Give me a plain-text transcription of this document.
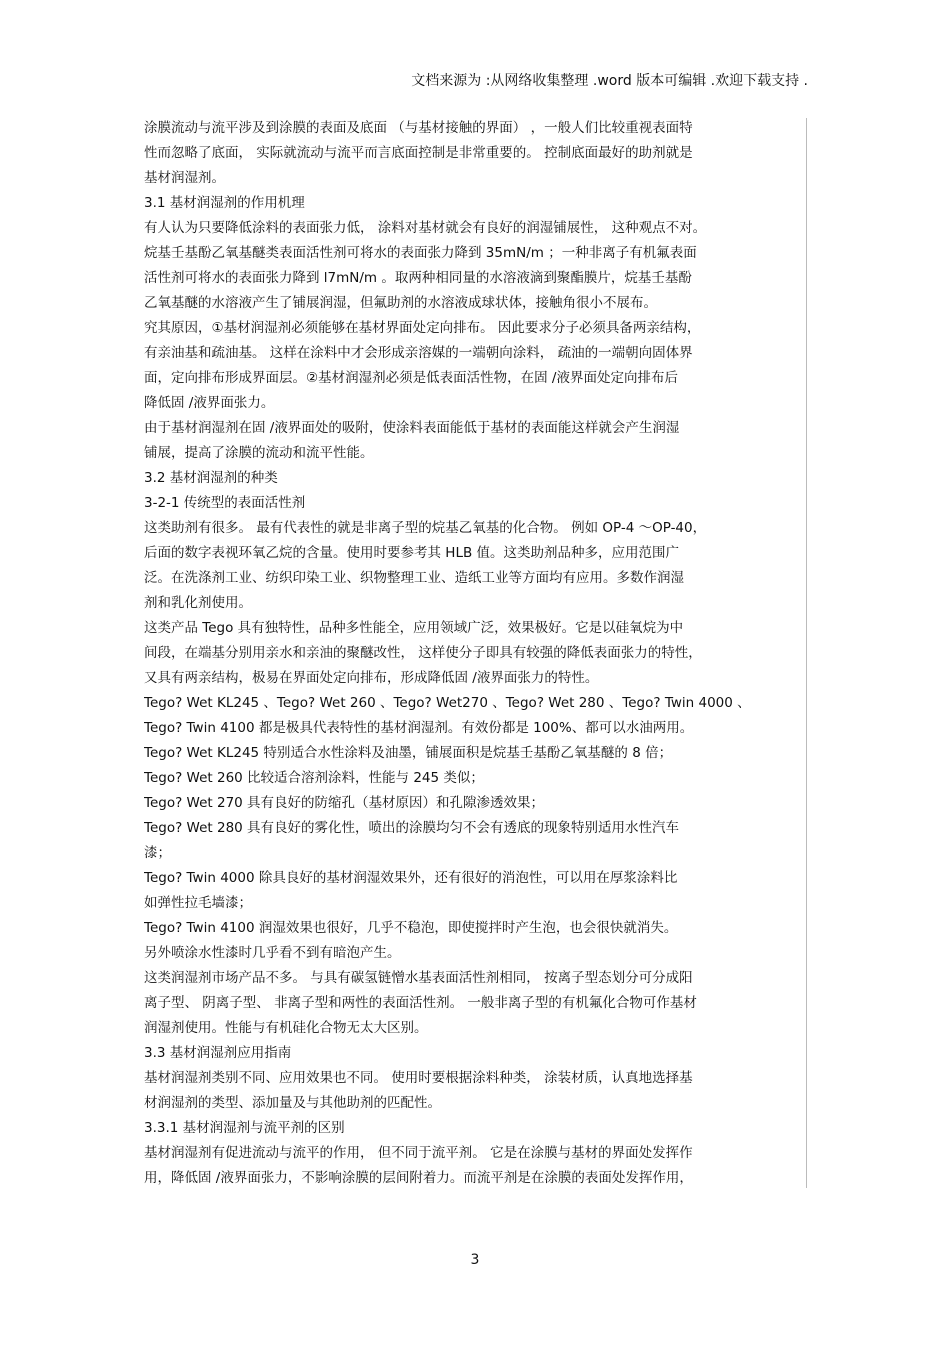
文档来源为 :从网络收集整理 .word 版本可编辑 .欢迎下载支持 .
涂膜流动与流平涉及到涂膜的表面及底面 （与基材接触的界面） ，一般人们比较重视表面特
性而忽略了底面， 实际就流动与流平而言底面控制是非常重要的。 控制底面最好的助剂就是
基材润湿剂。
3.1 基材润湿剂的作用机理
有人认为只要降低涂料的表面张力低， 涂料对基材就会有良好的润湿铺展性， 这种观点不对。
烷基壬基酚乙氧基醚类表面活性剂可将水的表面张力降到 35mN/m ；一种非离子有机氟表面
活性剂可将水的表面张力降到 l7mN/m 。取两种相同量的水溶液滴到聚酯膜片，烷基壬基酚
乙氧基醚的水溶液产生了铺展润湿，但氟助剂的水溶液成球状体，接触角很小不展布。
究其原因，①基材润湿剂必须能够在基材界面处定向排布。 因此要求分子必须具备两亲结构，
有亲油基和疏油基。 这样在涂料中才会形成亲溶媒的一端朝向涂料， 疏油的一端朝向固体界
面，定向排布形成界面层。②基材润湿剂必须是低表面活性物，在固 /液界面处定向排布后
降低固 /液界面张力。
由于基材润湿剂在固 /液界面处的吸附，使涂料表面能低于基材的表面能这样就会产生润湿
铺展，提高了涂膜的流动和流平性能。
3.2 基材润湿剂的种类
3-2-1 传统型的表面活性剂
这类助剂有很多。 最有代表性的就是非离子型的烷基乙氧基的化合物。 例如 OP-4 ～OP-40，
后面的数字表视环氧乙烷的含量。使用时要参考其 HLB 值。这类助剂品种多，应用范围广
泛。在洗涤剂工业、纺织印染工业、织物整理工业、造纸工业等方面均有应用。多数作润湿
剂和乳化剂使用。
这类产品 Tego 具有独特性，品种多性能全，应用领域广泛，效果极好。它是以硅氧烷为中
间段，在端基分别用亲水和亲油的聚醚改性， 这样使分子即具有较强的降低表面张力的特性，
又具有两亲结构，极易在界面处定向排布，形成降低固 /液界面张力的特性。
Tego? Wet KL245 、Tego? Wet 260 、Tego? Wet270 、Tego? Wet 280 、Tego? Twin 4000 、
Tego? Twin 4100 都是极具代表特性的基材润湿剂。有效份都是 100%、都可以水油两用。
Tego? Wet KL245 特别适合水性涂料及油墨，铺展面积是烷基壬基酚乙氧基醚的 8 倍；
Tego? Wet 260 比较适合溶剂涂料，性能与 245 类似；
Tego? Wet 270 具有良好的防缩孔（基材原因）和孔隙渗透效果；
Tego? Wet 280 具有良好的雾化性，喷出的涂膜均匀不会有透底的现象特别适用水性汽车
漆；
Tego? Twin 4000 除具良好的基材润湿效果外，还有很好的消泡性，可以用在厚浆涂料比
如弹性拉毛墙漆；
Tego? Twin 4100 润湿效果也很好，几乎不稳泡，即使搅拌时产生泡，也会很快就消失。
另外喷涂水性漆时几乎看不到有暗泡产生。
这类润湿剂市场产品不多。 与具有碳氢链憎水基表面活性剂相同， 按离子型态划分可分成阳
离子型、 阴离子型、 非离子型和两性的表面活性剂。 一般非离子型的有机氟化合物可作基材
润湿剂使用。性能与有机硅化合物无太大区别。
3.3 基材润湿剂应用指南
基材润湿剂类别不同、应用效果也不同。 使用时要根据涂料种类， 涂装材质，认真地选择基
材润湿剂的类型、添加量及与其他助剂的匹配性。
3.3.1 基材润湿剂与流平剂的区别
基材润湿剂有促进流动与流平的作用， 但不同于流平剂。 它是在涂膜与基材的界面处发挥作
用，降低固 /液界面张力，不影响涂膜的层间附着力。而流平剂是在涂膜的表面处发挥作用，
3
